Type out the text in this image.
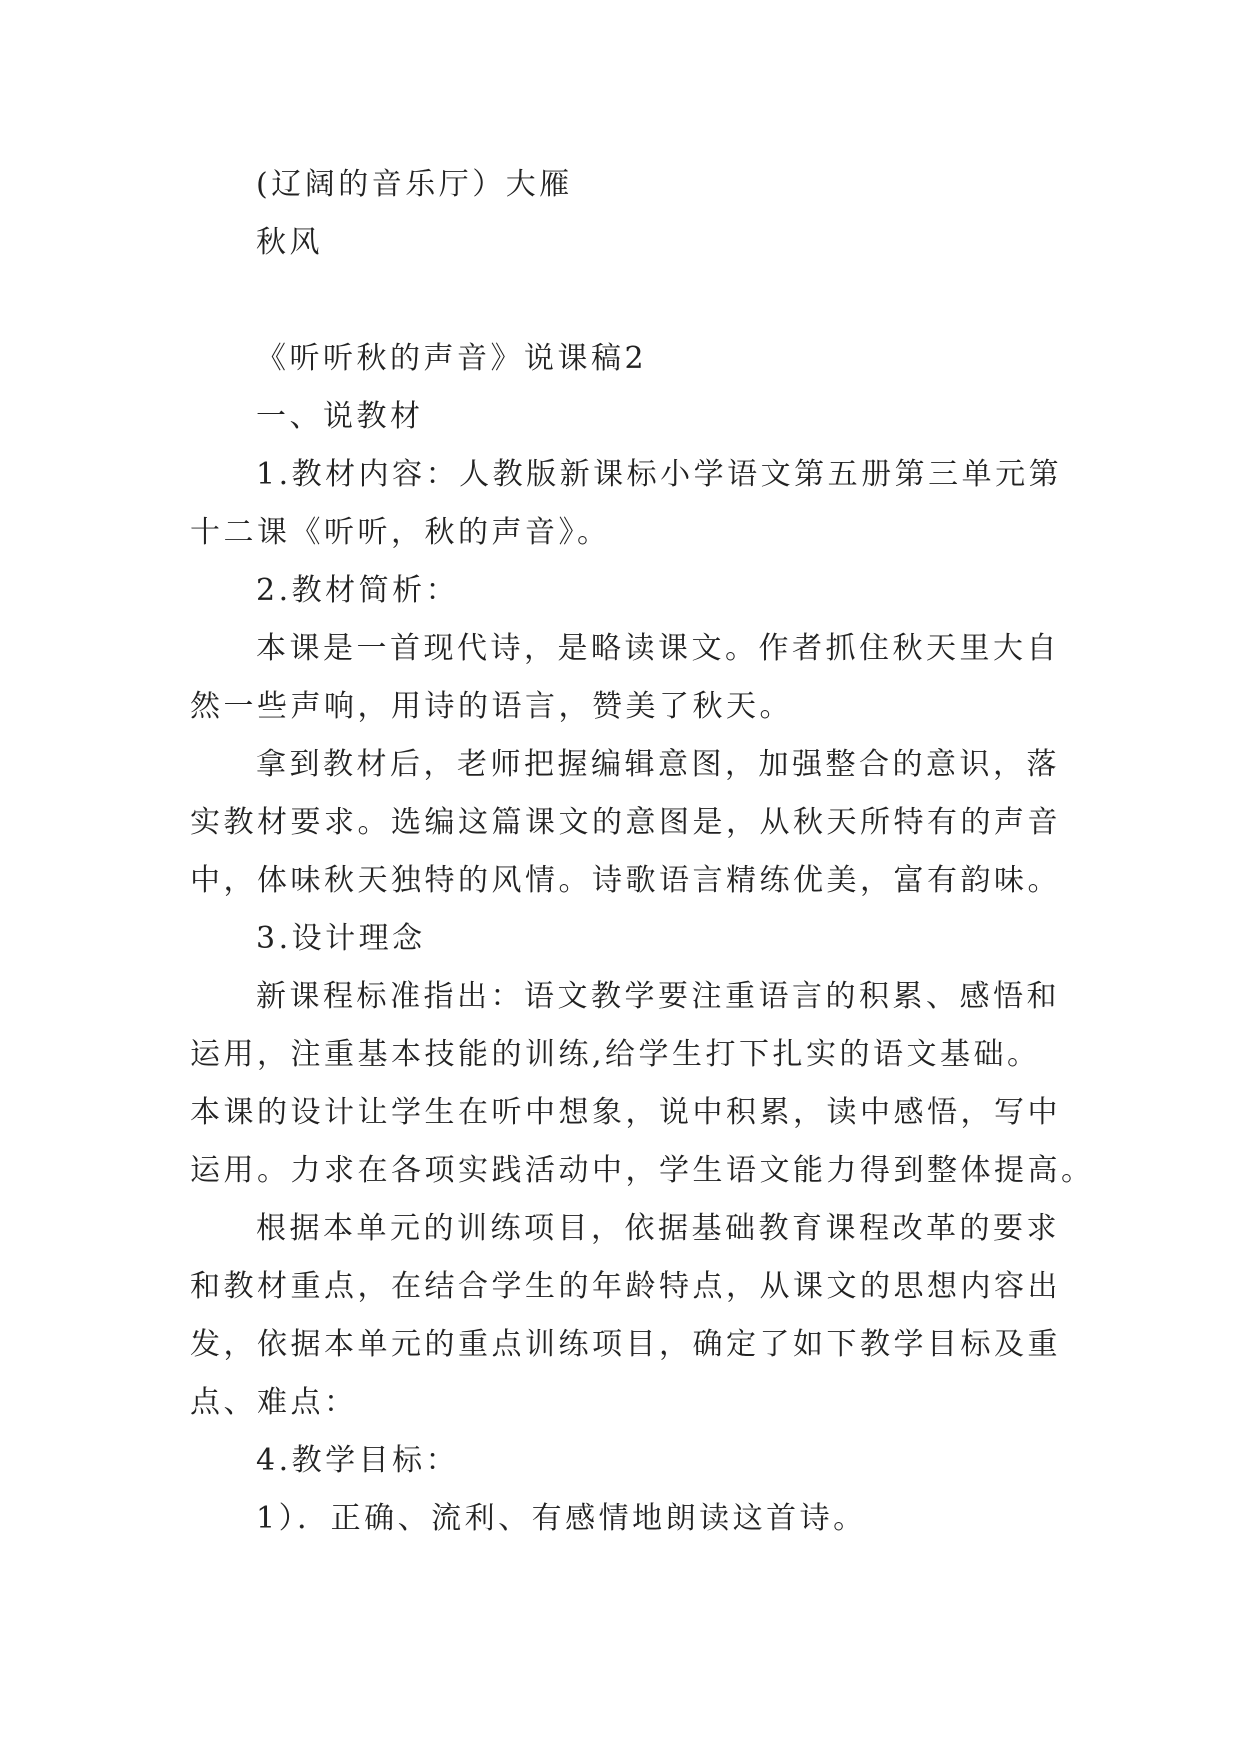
(辽阔的音乐厅）大雁
秋风
《听听秋的声音》说课稿2
一、说教材
1.教材内容：人教版新课标小学语文第五册第三单元第
十二课《听听，秋的声音》。
2.教材简析：
本课是一首现代诗，是略读课文。作者抓住秋天里大自
然一些声响，用诗的语言，赞美了秋天。
拿到教材后，老师把握编辑意图，加强整合的意识，落
实教材要求。选编这篇课文的意图是，从秋天所特有的声音
中，体味秋天独特的风情。诗歌语言精练优美，富有韵味。
3.设计理念
新课程标准指出：语文教学要注重语言的积累、感悟和
运用，注重基本技能的训练,给学生打下扎实的语文基础。
本课的设计让学生在听中想象，说中积累，读中感悟，写中
运用。力求在各项实践活动中，学生语文能力得到整体提高。
根据本单元的训练项目，依据基础教育课程改革的要求
和教材重点，在结合学生的年龄特点，从课文的思想内容出
发，依据本单元的重点训练项目，确定了如下教学目标及重
点、难点：
4.教学目标：
1）．正确、流利、有感情地朗读这首诗。
